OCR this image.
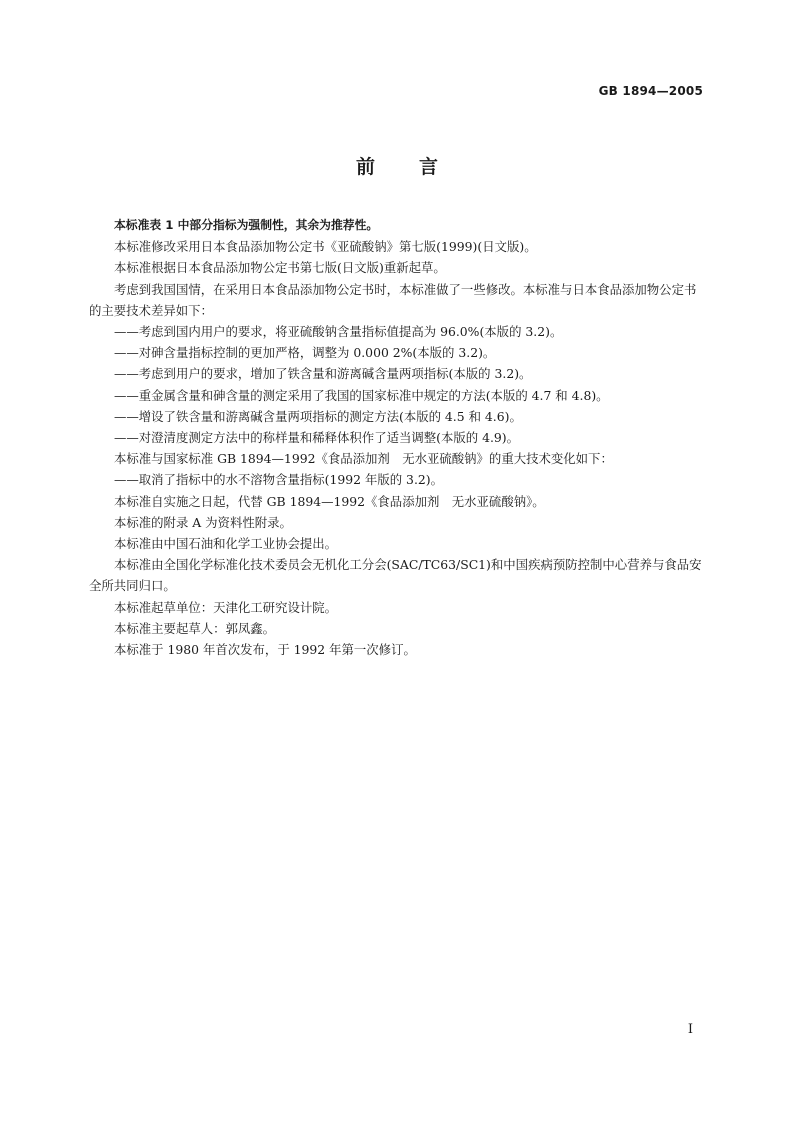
GB 1894—2005
前 言

本标准表 1 中部分指标为强制性，其余为推荐性。

本标准修改采用日本食品添加物公定书《亚硫酸钠》第七版(1999)(日文版)。

本标准根据日本食品添加物公定书第七版(日文版)重新起草。

考虑到我国国情，在采用日本食品添加物公定书时，本标准做了一些修改。本标准与日本食品添加物公定书的主要技术差异如下：

——考虑到国内用户的要求，将亚硫酸钠含量指标值提高为 96.0%(本版的 3.2)。

——对砷含量指标控制的更加严格，调整为 0.000 2%(本版的 3.2)。

——考虑到用户的要求，增加了铁含量和游离碱含量两项指标(本版的 3.2)。

——重金属含量和砷含量的测定采用了我国的国家标准中规定的方法(本版的 4.7 和 4.8)。

——增设了铁含量和游离碱含量两项指标的测定方法(本版的 4.5 和 4.6)。

——对澄清度测定方法中的称样量和稀释体积作了适当调整(本版的 4.9)。

本标准与国家标准 GB 1894—1992《食品添加剂　无水亚硫酸钠》的重大技术变化如下：

——取消了指标中的水不溶物含量指标(1992 年版的 3.2)。

本标准自实施之日起，代替 GB 1894—1992《食品添加剂　无水亚硫酸钠》。

本标准的附录 A 为资料性附录。

本标准由中国石油和化学工业协会提出。

本标准由全国化学标准化技术委员会无机化工分会(SAC/TC63/SC1)和中国疾病预防控制中心营养与食品安全所共同归口。

本标准起草单位：天津化工研究设计院。

本标准主要起草人：郭凤鑫。

本标准于 1980 年首次发布，于 1992 年第一次修订。

I
